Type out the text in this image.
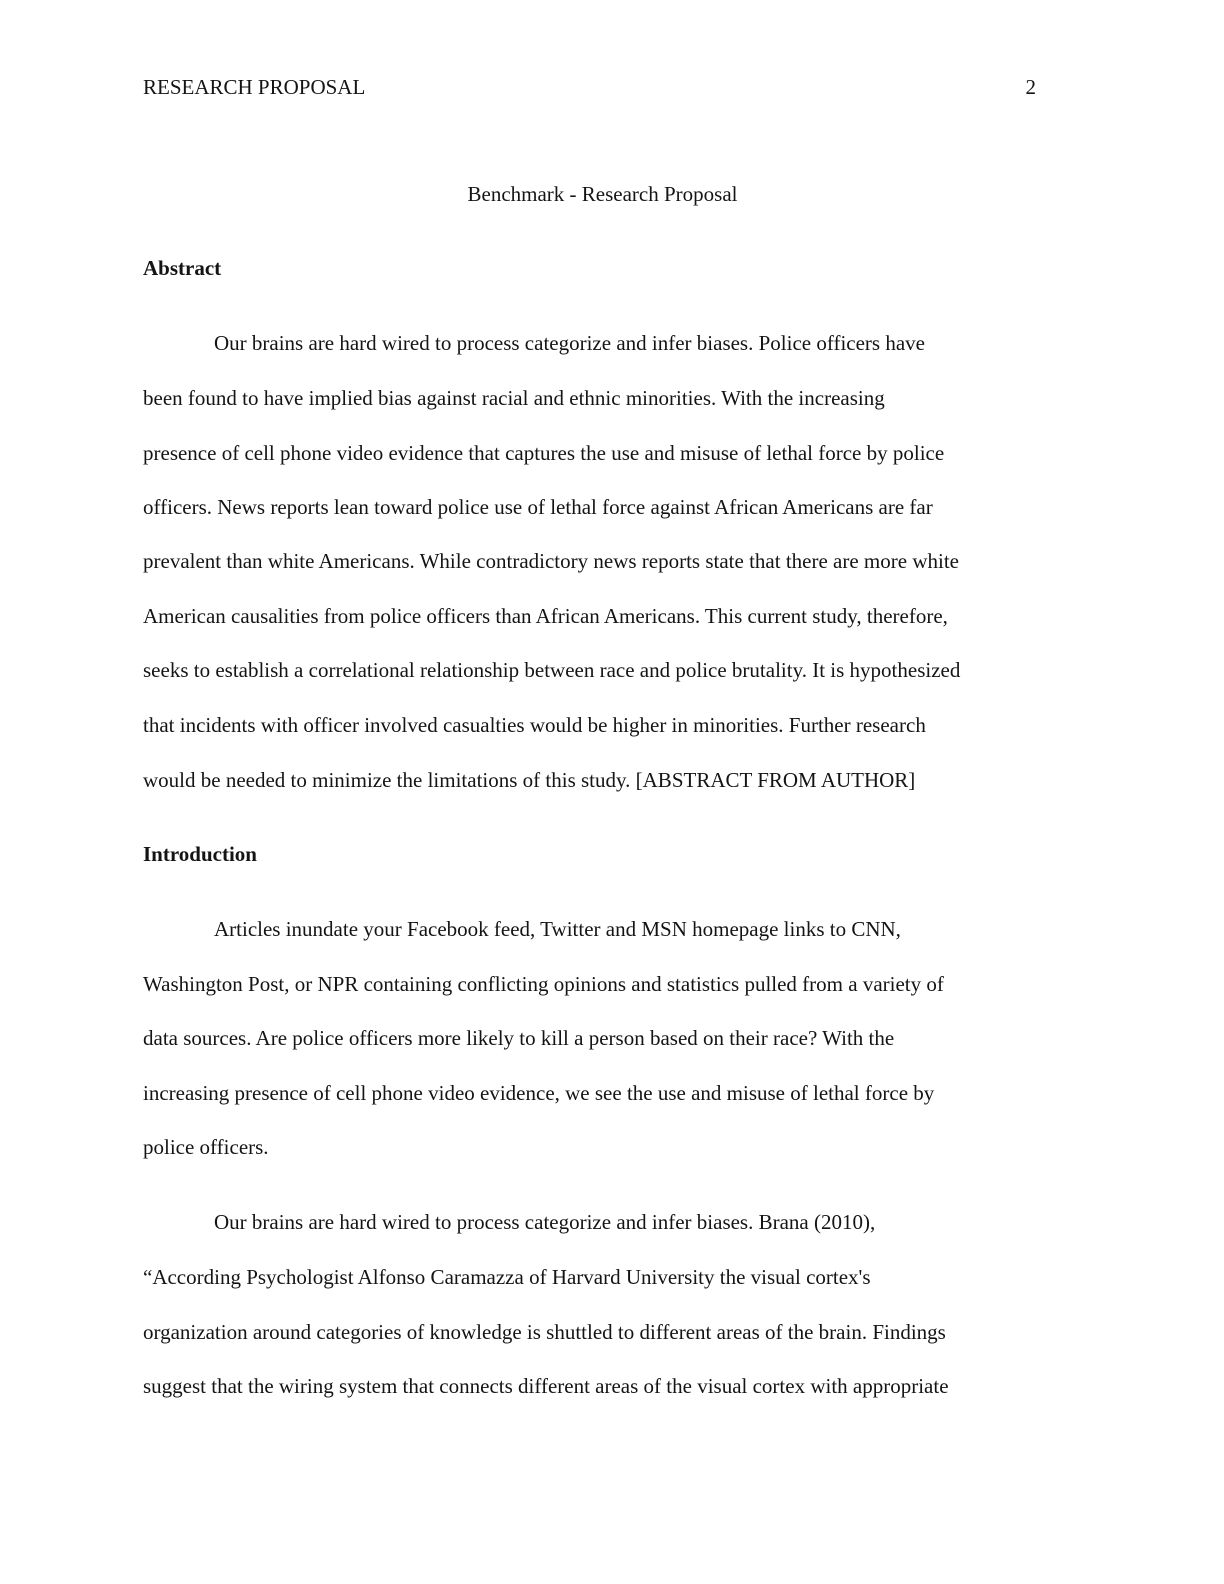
RESEARCH PROPOSAL	2
Benchmark - Research Proposal
Abstract
Our brains are hard wired to process categorize and infer biases. Police officers have
been found to have implied bias against racial and ethnic minorities. With the increasing
presence of cell phone video evidence that captures the use and misuse of lethal force by police
officers. News reports lean toward police use of lethal force against African Americans are far
prevalent than white Americans. While contradictory news reports state that there are more white
American causalities from police officers than African Americans. This current study, therefore,
seeks to establish a correlational relationship between race and police brutality. It is hypothesized
that incidents with officer involved casualties would be higher in minorities. Further research
would be needed to minimize the limitations of this study. [ABSTRACT FROM AUTHOR]
Introduction
Articles inundate your Facebook feed, Twitter and MSN homepage links to CNN,
Washington Post, or NPR containing conflicting opinions and statistics pulled from a variety of
data sources. Are police officers more likely to kill a person based on their race? With the
increasing presence of cell phone video evidence, we see the use and misuse of lethal force by
police officers.
Our brains are hard wired to process categorize and infer biases. Brana (2010),
“According Psychologist Alfonso Caramazza of Harvard University the visual cortex's
organization around categories of knowledge is shuttled to different areas of the brain. Findings
suggest that the wiring system that connects different areas of the visual cortex with appropriate
